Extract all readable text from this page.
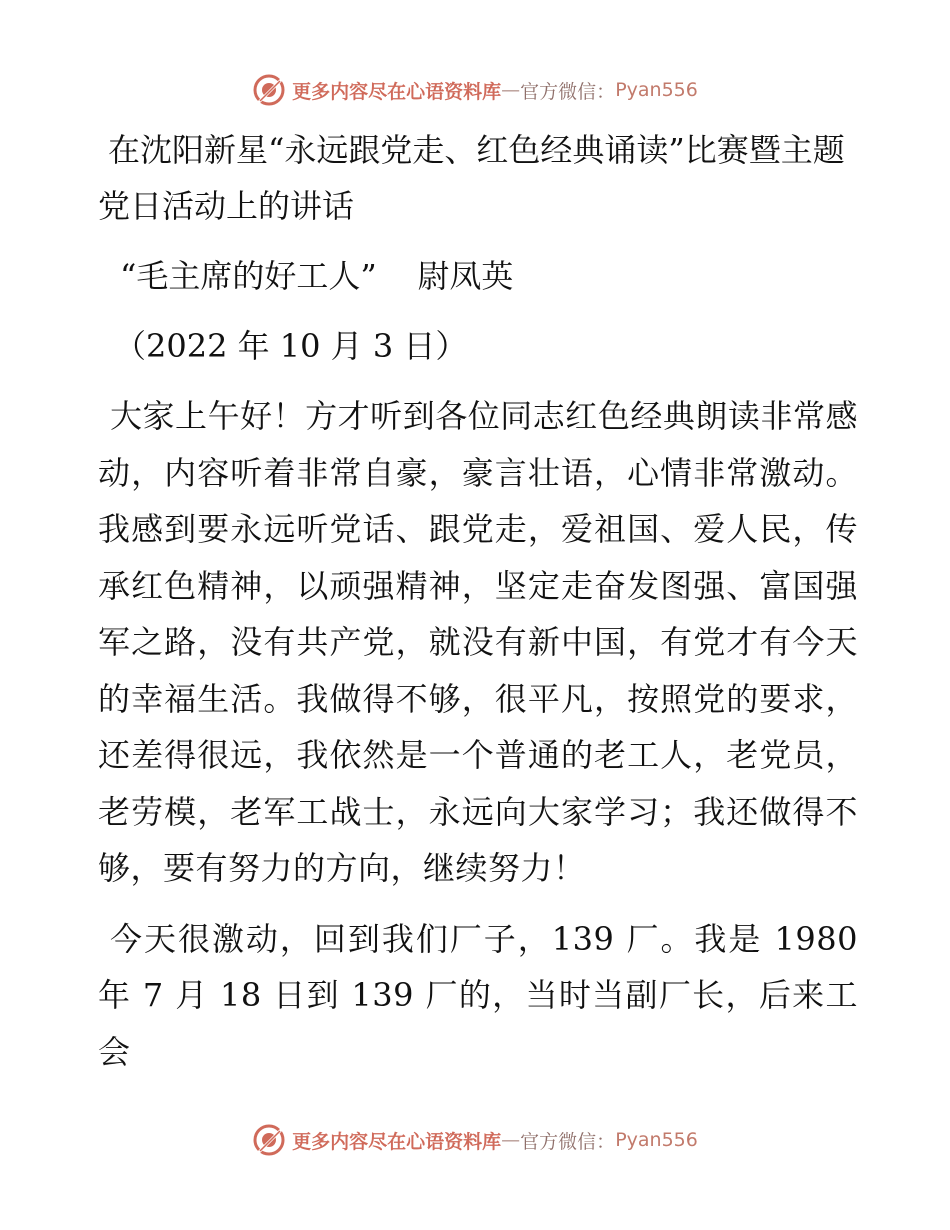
更多内容尽在心语资料库 — 官方微信： Pyan556
在沈阳新星“永远跟党走、红色经典诵读”比赛暨主题党日活动上的讲话

“毛主席的好工人”    尉凤英

（2022 年 10 月 3 日）

大家上午好！方才听到各位同志红色经典朗读非常感动，内容听着非常自豪，豪言壮语，心情非常激动。我感到要永远听党话、跟党走，爱祖国、爱人民，传承红色精神，以顽强精神，坚定走奋发图强、富国强军之路，没有共产党，就没有新中国，有党才有今天的幸福生活。我做得不够，很平凡，按照党的要求，还差得很远，我依然是一个普通的老工人，老党员，老劳模，老军工战士，永远向大家学习；我还做得不够，要有努力的方向，继续努力！

今天很激动，回到我们厂子，139 厂。我是 1980 年 7 月 18 日到 139 厂的，当时当副厂长，后来工会

更多内容尽在心语资料库 — 官方微信： Pyan556
